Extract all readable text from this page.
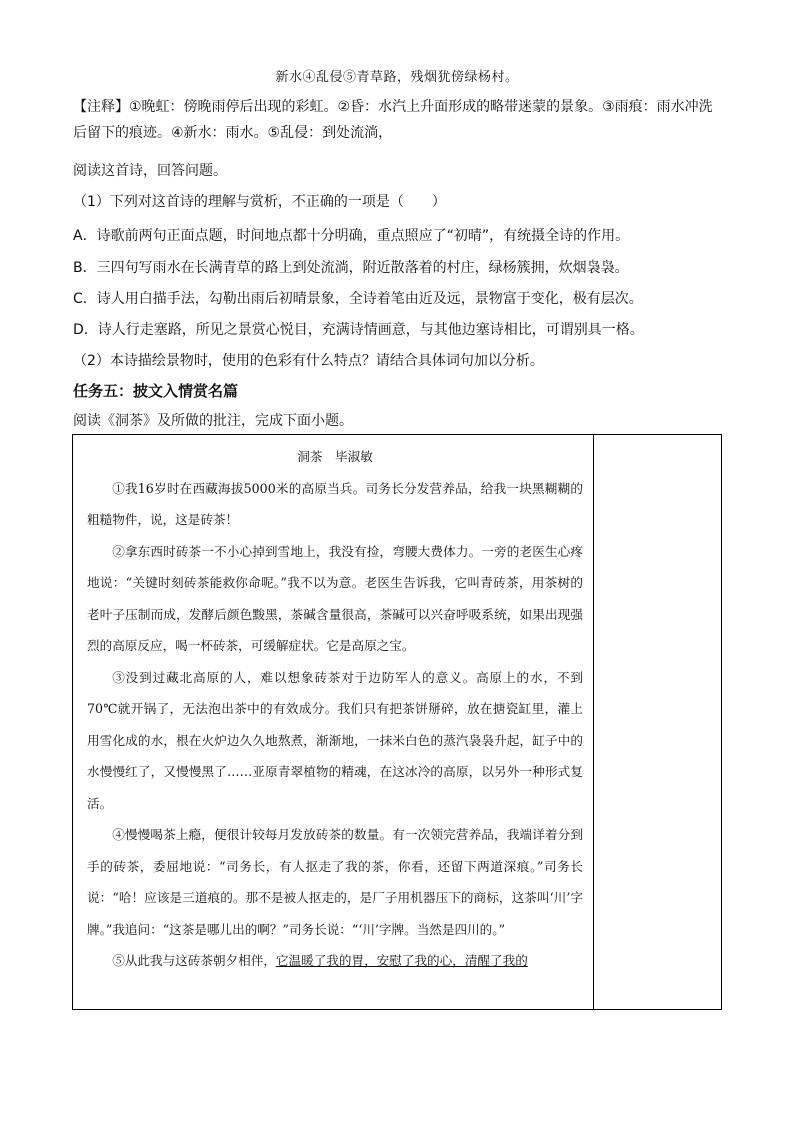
新水④乱侵⑤青草路，残烟犹傍绿杨村。
【注释】①晚虹：傍晚雨停后出现的彩虹。②昏：水汽上升面形成的略带迷蒙的景象。③雨痕：雨水冲洗后留下的痕迹。④新水：雨水。⑤乱侵：到处流淌，
阅读这首诗，回答问题。
（1）下列对这首诗的理解与赏析，不正确的一项是（　　）
A．诗歌前两句正面点题，时间地点都十分明确，重点照应了“初晴”，有统摄全诗的作用。
B．三四句写雨水在长满青草的路上到处流淌，附近散落着的村庄，绿杨簇拥，炊烟袅袅。
C．诗人用白描手法，勾勒出雨后初晴景象，全诗着笔由近及远，景物富于变化，极有层次。
D．诗人行走塞路，所见之景赏心悦目，充满诗情画意，与其他边塞诗相比，可谓别具一格。
（2）本诗描绘景物时，使用的色彩有什么特点？请结合具体词句加以分析。
任务五：披文入情赏名篇
阅读《洞茶》及所做的批注，完成下面小题。
洞茶　毕淑敏

①我16岁时在西藏海拔5000米的高原当兵。司务长分发营养品，给我一块黑糊糊的粗糙物件，说，这是砖茶！

②拿东西时砖茶一不小心掉到雪地上，我没有捡，弯腰大费体力。一旁的老医生心疼地说：“关键时刻砖茶能救你命呢。”我不以为意。老医生告诉我，它叫青砖茶，用茶树的老叶子压制而成，发酵后颜色黢黑，茶碱含量很高，茶碱可以兴奋呼吸系统，如果出现强烈的高原反应，喝一杯砖茶，可缓解症状。它是高原之宝。

③没到过藏北高原的人，难以想象砖茶对于边防军人的意义。高原上的水，不到70℃就开锅了，无法泡出茶中的有效成分。我们只有把茶饼掰碎，放在搪瓷缸里，灌上用雪化成的水，根在火炉边久久地熬煮，渐渐地，一抹米白色的蒸汽袅袅升起，缸子中的水慢慢红了，又慢慢黑了……亚原青翠植物的精魂，在这冰冷的高原，以另外一种形式复活。

④慢慢喝茶上瘾，便很计较每月发放砖茶的数量。有一次领完营养品，我端详着分到手的砖茶，委屈地说：“司务长，有人抠走了我的茶，你看，还留下两道深痕。”司务长说：“哈！应该是三道痕的。那不是被人抠走的，是厂子用机器压下的商标，这茶叫‘川’字牌。”我追问：“这茶是哪儿出的啊？”司务长说：“‘川’字牌。当然是四川的。”

⑤从此我与这砖茶朝夕相伴，它温暖了我的胃，安慰了我的心，清醒了我的
